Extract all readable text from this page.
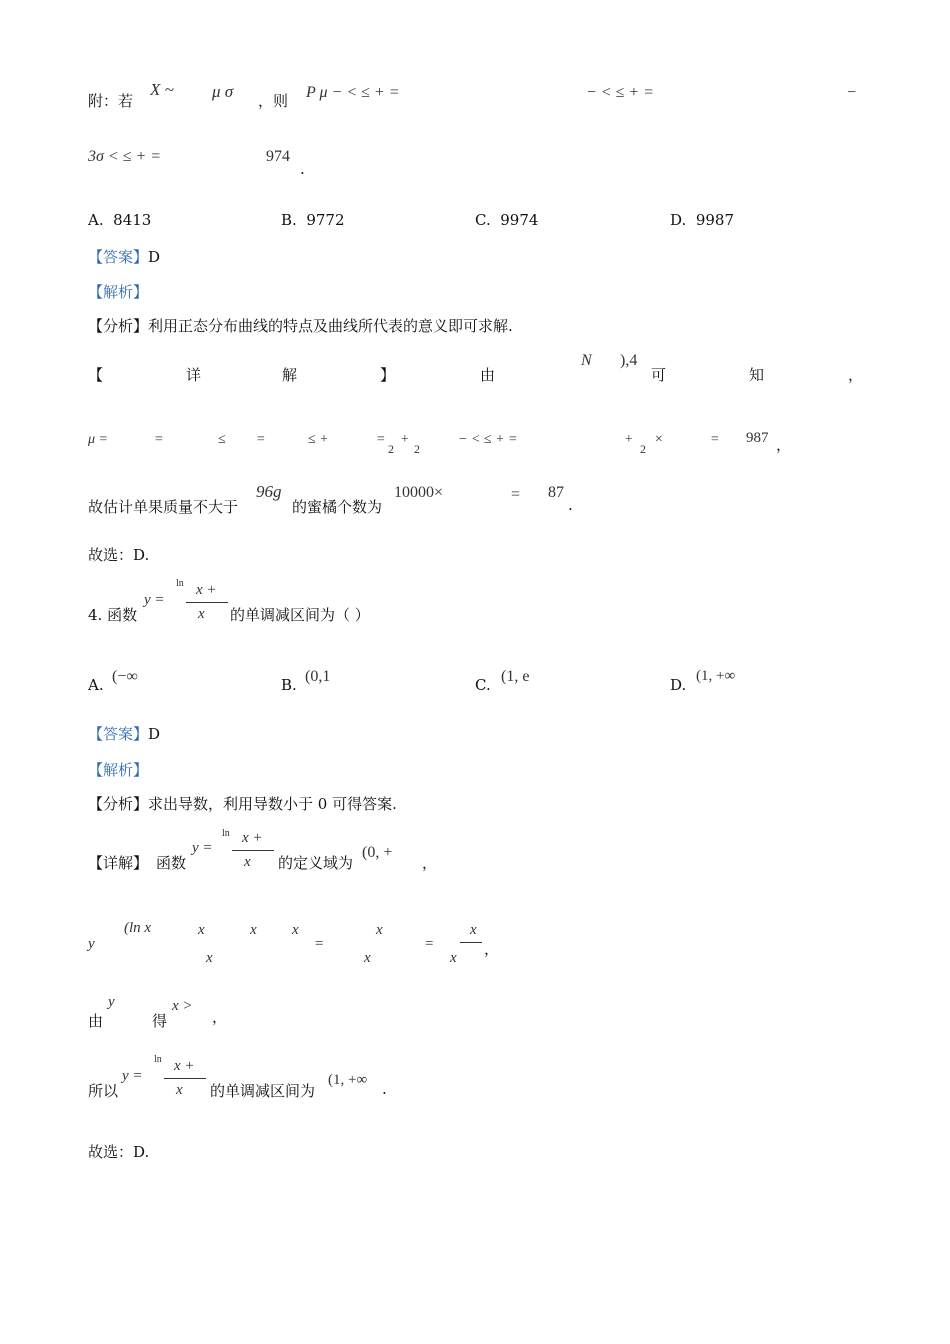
附：若
X ~ μ σ ，则 P μ − < ≤ + =	− < ≤ + =	−
3σ < ≤ + =	974
.
A. 8413	B. 9772	C. 9974	D. 9987
【答案】D
【解析】
【分析】利用正态分布曲线的特点及曲线所代表的意义即可求解.
【	详	解	】	由
N ),4
可	知	，
μ =	=	≤ =	≤ +	=
2
+
2
− < ≤ + =	+
2
×	= 987 ，
故估计单果质量不大于
96g
的蜜橘个数为
10000×	= 87
.
故选：D.
4. 函数
y =
ln x +
x 的单调减区间为（ ）
A. (−∞	B. (0,1	C. (1, e	D. (1, +∞
【答案】D
【解析】
【分析】求出导数，利用导数小于 0 可得答案.
【详解】 函数
y =
ln x +
x 的定义域为
(0, +
，
y
(ln x	x	x x
x
=
x
x
=
x
x ，
由
y
得
x >
，
所以
y =
ln x +
x 的单调减区间为
(1, +∞ .
故选：D.
